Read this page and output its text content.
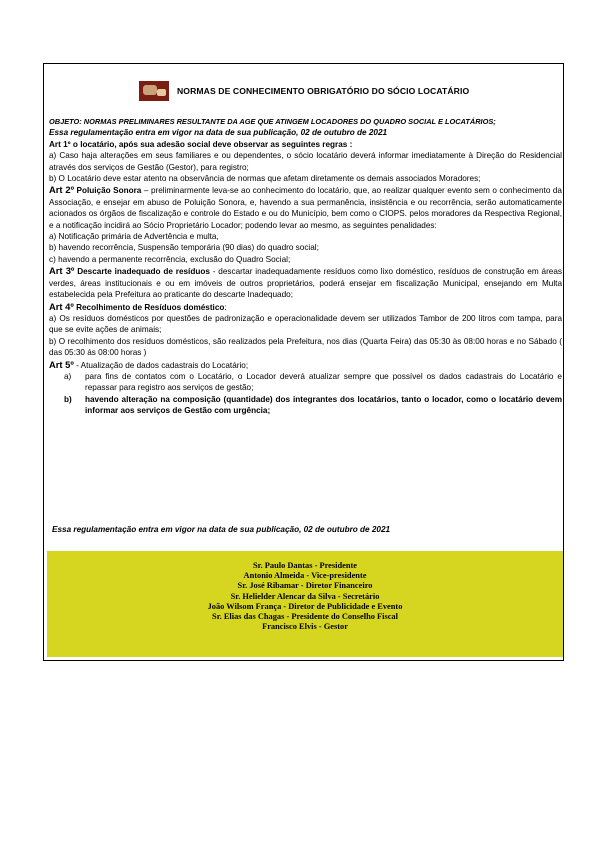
NORMAS DE CONHECIMENTO OBRIGATÓRIO DO SÓCIO LOCATÁRIO

OBJETO: NORMAS PRELIMINARES RESULTANTE DA AGE QUE ATINGEM LOCADORES DO QUADRO SOCIAL E LOCATÁRIOS;

Essa regulamentação entra em vigor na data de sua publicação, 02 de outubro de 2021

Art 1º o locatário, após sua adesão social deve observar as seguintes regras :

a) Caso haja alterações em seus familiares e ou dependentes, o sócio locatário deverá informar imediatamente à Direção do Residencial através dos serviços de Gestão (Gestor), para registro;

b) O Locatário deve estar atento na observância de normas que afetam diretamente os demais associados Moradores;

Art 2º Poluição Sonora – preliminarmente leva-se ao conhecimento do locatário, que, ao realizar qualquer evento sem o conhecimento da Associação, e ensejar em abuso de Poluição Sonora, e, havendo a sua permanência, insistência e ou recorrência, serão automaticamente acionados os órgãos de fiscalização e controle do Estado e ou do Município, bem como o CIOPS. pelos moradores da Respectiva Regional, e a notificação incidirá ao Sócio Proprietário Locador; podendo levar ao mesmo, as seguintes penalidades:

a) Notificação primária de Advertência e multa,

b) havendo recorrência, Suspensão temporária (90 dias) do quadro social;

c) havendo a permanente recorrência, exclusão do Quadro Social;

Art 3º Descarte inadequado de resíduos - descartar inadequadamente resíduos como lixo doméstico, resíduos de construção em áreas verdes, áreas institucionais e ou em imóveis de outros proprietários, poderá ensejar em fiscalização Municipal, ensejando em Multa estabelecida pela Prefeitura ao praticante do descarte Inadequado;

Art 4º Recolhimento de Resíduos doméstico:

a) Os resíduos domésticos por questões de padronização e operacionalidade devem ser utilizados Tambor de 200 litros com tampa, para que se evite ações de animais;

b) O recolhimento dos resíduos domésticos, são realizados pela Prefeitura, nos dias (Quarta Feira) das 05:30 às 08:00 horas e no Sábado ( das 05:30 ás 08:00 horas )

Art 5º - Atualização de dados cadastrais do Locatário;

a)	para fins de contatos com o Locatário, o Locador deverá atualizar sempre que possível os dados cadastrais do Locatário e repassar para registro aos serviços de gestão;
b)	havendo alteração na composição (quantidade) dos integrantes dos locatários, tanto o locador, como o locatário devem informar aos serviços de Gestão com urgência;

Essa regulamentação entra em vigor na data de sua publicação, 02 de outubro de 2021

Sr. Paulo Dantas - Presidente
Antonio Almeida - Vice-presidente
Sr. José Ribamar - Diretor Financeiro
Sr. Helielder Alencar da Silva - Secretário
João Wilsom França - Diretor de Publicidade e Evento
Sr. Elias das Chagas - Presidente do Conselho Fiscal
Francisco Elvis - Gestor
